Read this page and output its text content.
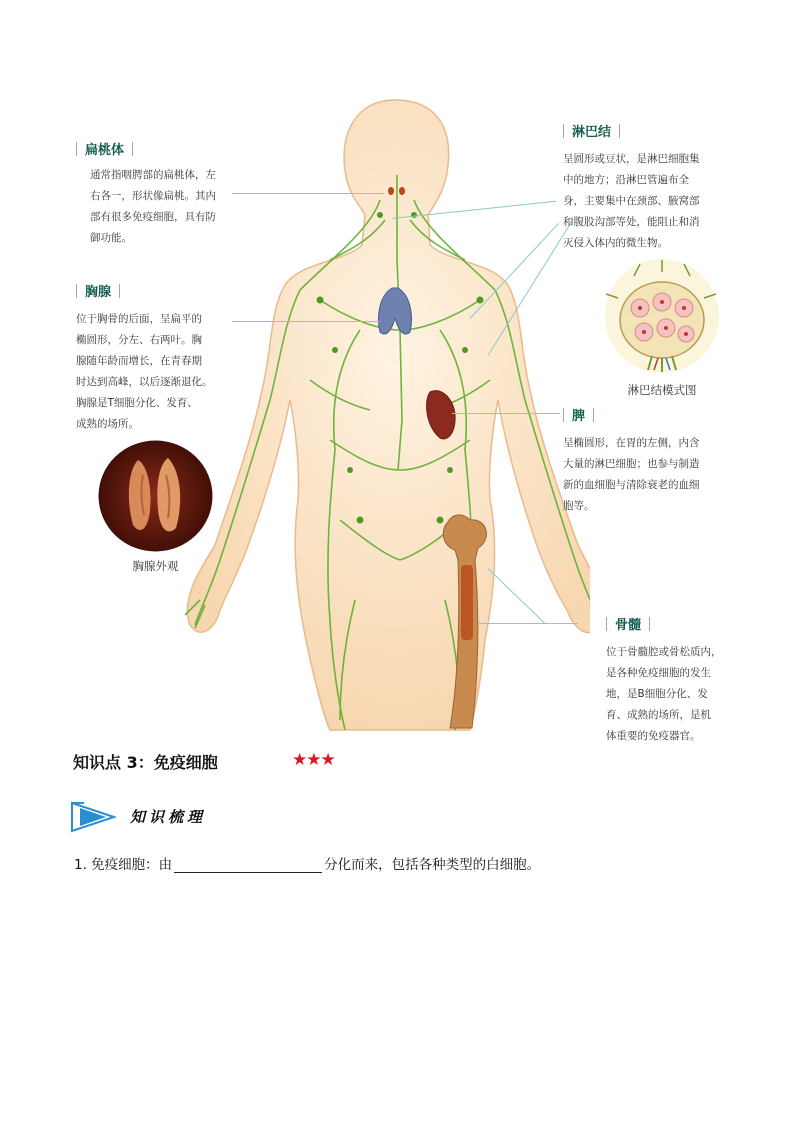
扁桃体
通常指咽腭部的扁桃体，左
右各一，形状像扁桃。其内
部有很多免疫细胞，具有防
御功能。
胸腺
位于胸骨的后面，呈扁平的
椭圆形，分左、右两叶。胸
腺随年龄而增长，在青春期
时达到高峰，以后逐渐退化。
胸腺是T细胞分化、发育、
成熟的场所。
胸腺外观
淋巴结
呈圆形或豆状，是淋巴细胞集
中的地方；沿淋巴管遍布全
身，主要集中在颈部、腋窝部
和腹股沟部等处，能阻止和消
灭侵入体内的微生物。
淋巴结模式图
脾
呈椭圆形，在胃的左侧，内含
大量的淋巴细胞；也参与制造
新的血细胞与清除衰老的血细
胞等。
骨髓
位于骨髓腔或骨松质内，
是各种免疫细胞的发生
地，是B细胞分化、发
育、成熟的场所，是机
体重要的免疫器官。
知识点 3：免疫细胞	★★★
知识梳理
1. 免疫细胞：由	分化而来，包括各种类型的白细胞。
